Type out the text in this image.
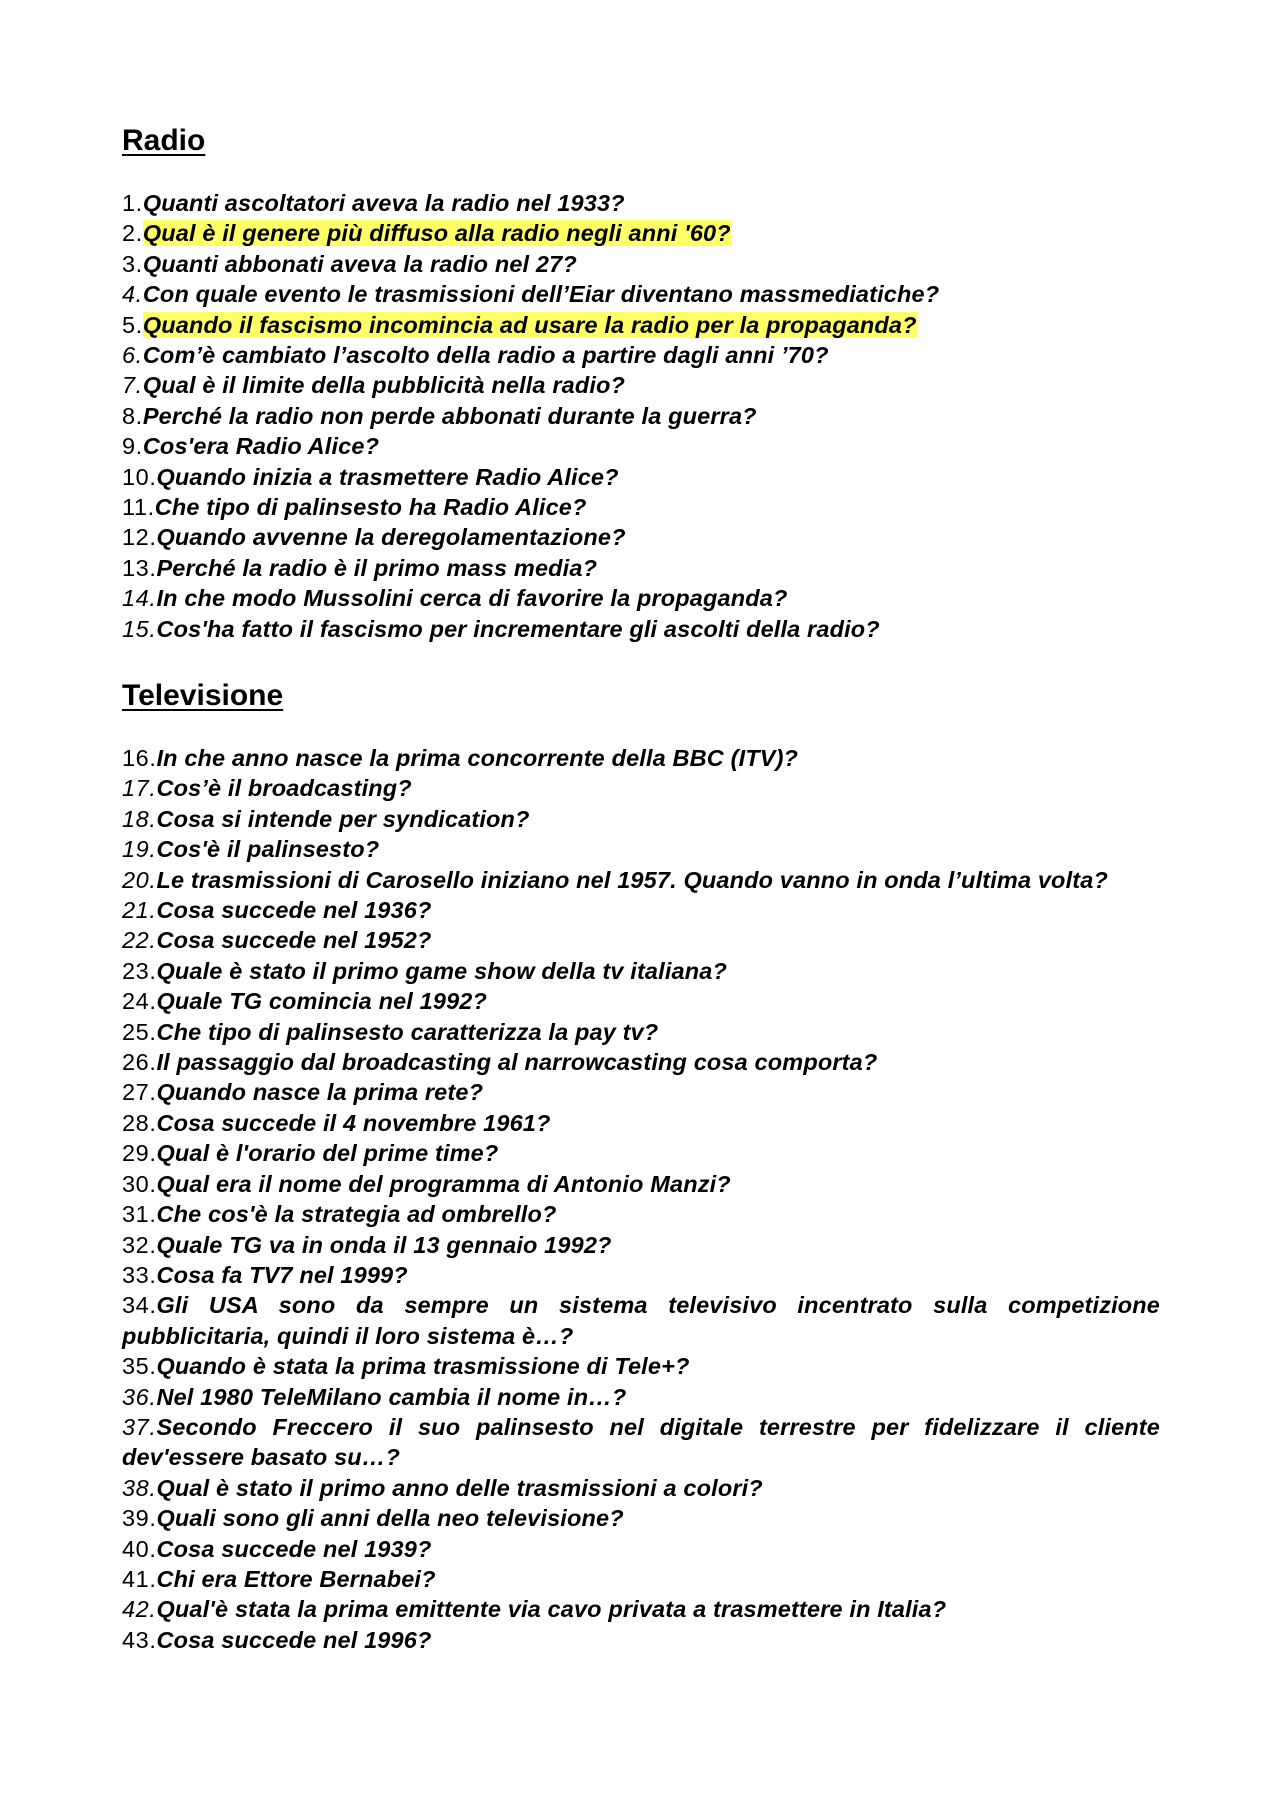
Radio
1.Quanti ascoltatori aveva la radio nel 1933?
2.Qual è il genere più diffuso alla radio negli anni '60?
3.Quanti abbonati aveva la radio nel 27?
4.Con quale evento le trasmissioni dell’Eiar diventano massmediatiche?
5.Quando il fascismo incomincia ad usare la radio per la propaganda?
6.Com’è cambiato l’ascolto della radio a partire dagli anni ’70?
7.Qual è il limite della pubblicità nella radio?
8.Perché la radio non perde abbonati durante la guerra?
9.Cos'era Radio Alice?
10.Quando inizia a trasmettere Radio Alice?
11.Che tipo di palinsesto ha Radio Alice?
12.Quando avvenne la deregolamentazione?
13.Perché la radio è il primo mass media?
14.In che modo Mussolini cerca di favorire la propaganda?
15.Cos'ha fatto il fascismo per incrementare gli ascolti della radio?
Televisione
16.In che anno nasce la prima concorrente della BBC (ITV)?
17.Cos’è il broadcasting?
18.Cosa si intende per syndication?
19.Cos'è il palinsesto?
20.Le trasmissioni di Carosello iniziano nel 1957. Quando vanno in onda l’ultima volta?
21.Cosa succede nel 1936?
22.Cosa succede nel 1952?
23.Quale è stato il primo game show della tv italiana?
24.Quale TG comincia nel 1992?
25.Che tipo di palinsesto caratterizza la pay tv?
26.Il passaggio dal broadcasting al narrowcasting cosa comporta?
27.Quando nasce la prima rete?
28.Cosa succede il 4 novembre 1961?
29.Qual è l'orario del prime time?
30.Qual era il nome del programma di Antonio Manzi?
31.Che cos'è la strategia ad ombrello?
32.Quale TG va in onda il 13 gennaio 1992?
33.Cosa fa TV7 nel 1999?
34.Gli USA sono da sempre un sistema televisivo incentrato sulla competizione pubblicitaria, quindi il loro sistema è…?
35.Quando è stata la prima trasmissione di Tele+?
36.Nel 1980 TeleMilano cambia il nome in…?
37.Secondo Freccero il suo palinsesto nel digitale terrestre per fidelizzare il cliente dev'essere basato su…?
38.Qual è stato il primo anno delle trasmissioni a colori?
39.Quali sono gli anni della neo televisione?
40.Cosa succede nel 1939?
41.Chi era Ettore Bernabei?
42.Qual'è stata la prima emittente via cavo privata a trasmettere in Italia?
43.Cosa succede nel 1996?
